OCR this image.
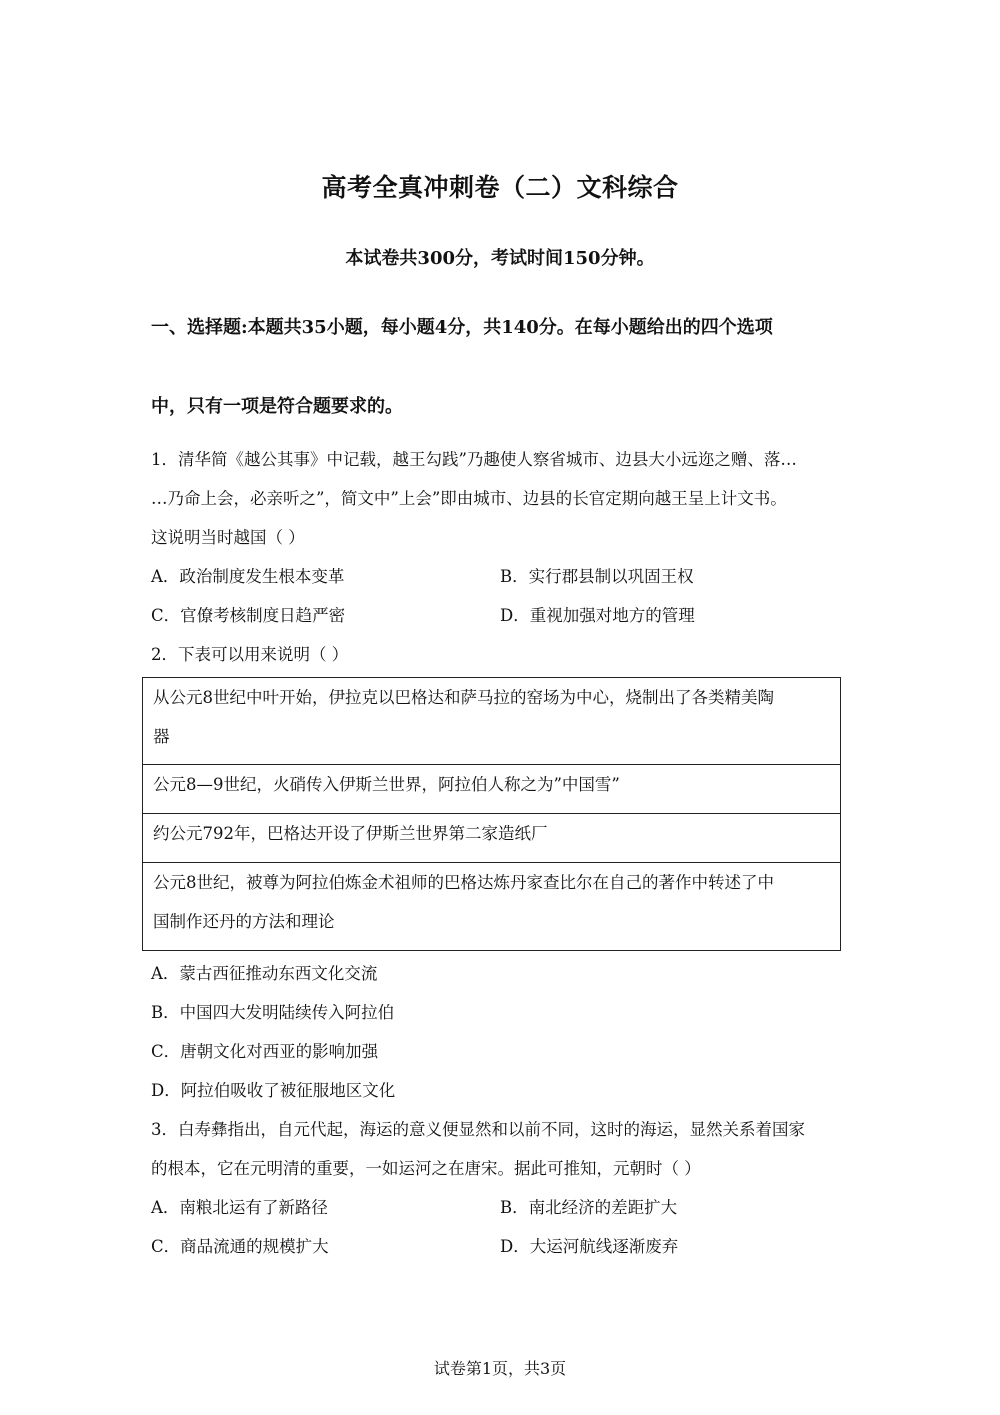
高考全真冲刺卷（二）文科综合
本试卷共300分，考试时间150分钟。
一、选择题:本题共35小题，每小题4分，共140分。在每小题给出的四个选项
中，只有一项是符合题要求的。
1．清华简《越公其事》中记载，越王勾践”乃趣使人察省城市、边县大小远迩之赠、落…
…乃命上会，必亲听之”，简文中”上会”即由城市、边县的长官定期向越王呈上计文书。
这说明当时越国（ ）
A．政治制度发生根本变革	B．实行郡县制以巩固王权
C．官僚考核制度日趋严密	D．重视加强对地方的管理
2．下表可以用来说明（ ）
从公元8世纪中叶开始，伊拉克以巴格达和萨马拉的窑场为中心，烧制出了各类精美陶
器

公元8—9世纪，火硝传入伊斯兰世界，阿拉伯人称之为”中国雪”

约公元792年，巴格达开设了伊斯兰世界第二家造纸厂

公元8世纪，被尊为阿拉伯炼金术祖师的巴格达炼丹家查比尔在自己的著作中转述了中
国制作还丹的方法和理论
A．蒙古西征推动东西文化交流
B．中国四大发明陆续传入阿拉伯
C．唐朝文化对西亚的影响加强
D．阿拉伯吸收了被征服地区文化
3．白寿彝指出，自元代起，海运的意义便显然和以前不同，这时的海运，显然关系着国家
的根本，它在元明清的重要，一如运河之在唐宋。据此可推知，元朝时（ ）
A．南粮北运有了新路径	B．南北经济的差距扩大
C．商品流通的规模扩大	D．大运河航线逐渐废弃
试卷第1页，共3页
